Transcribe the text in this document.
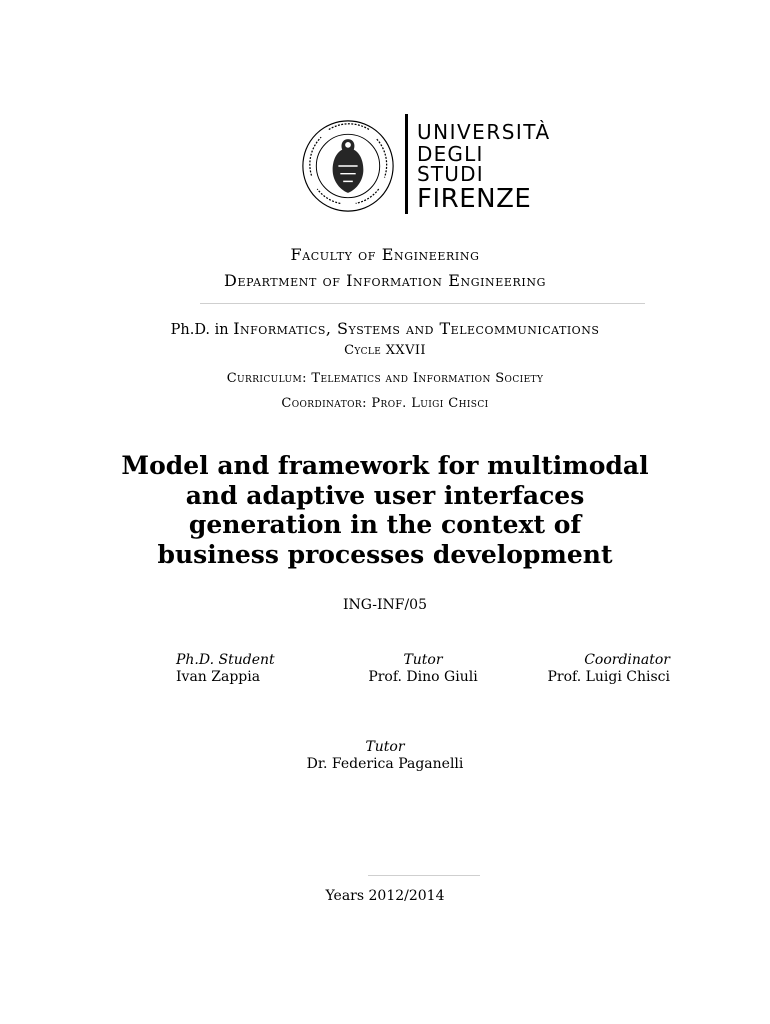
UNIVERSITÀ
DEGLI STUDI
FIRENZE
Faculty of Engineering
Department of Information Engineering
Ph.D. in Informatics, Systems and Telecommunications
Cycle XXVII
Curriculum: Telematics and Information Society
Coordinator: Prof. Luigi Chisci
Model and framework for multimodal
and adaptive user interfaces
generation in the context of
business processes development
ING-INF/05
Ph.D. Student
Ivan Zappia
Tutor
Prof. Dino Giuli
Coordinator
Prof. Luigi Chisci
Tutor
Dr. Federica Paganelli
Years 2012/2014
